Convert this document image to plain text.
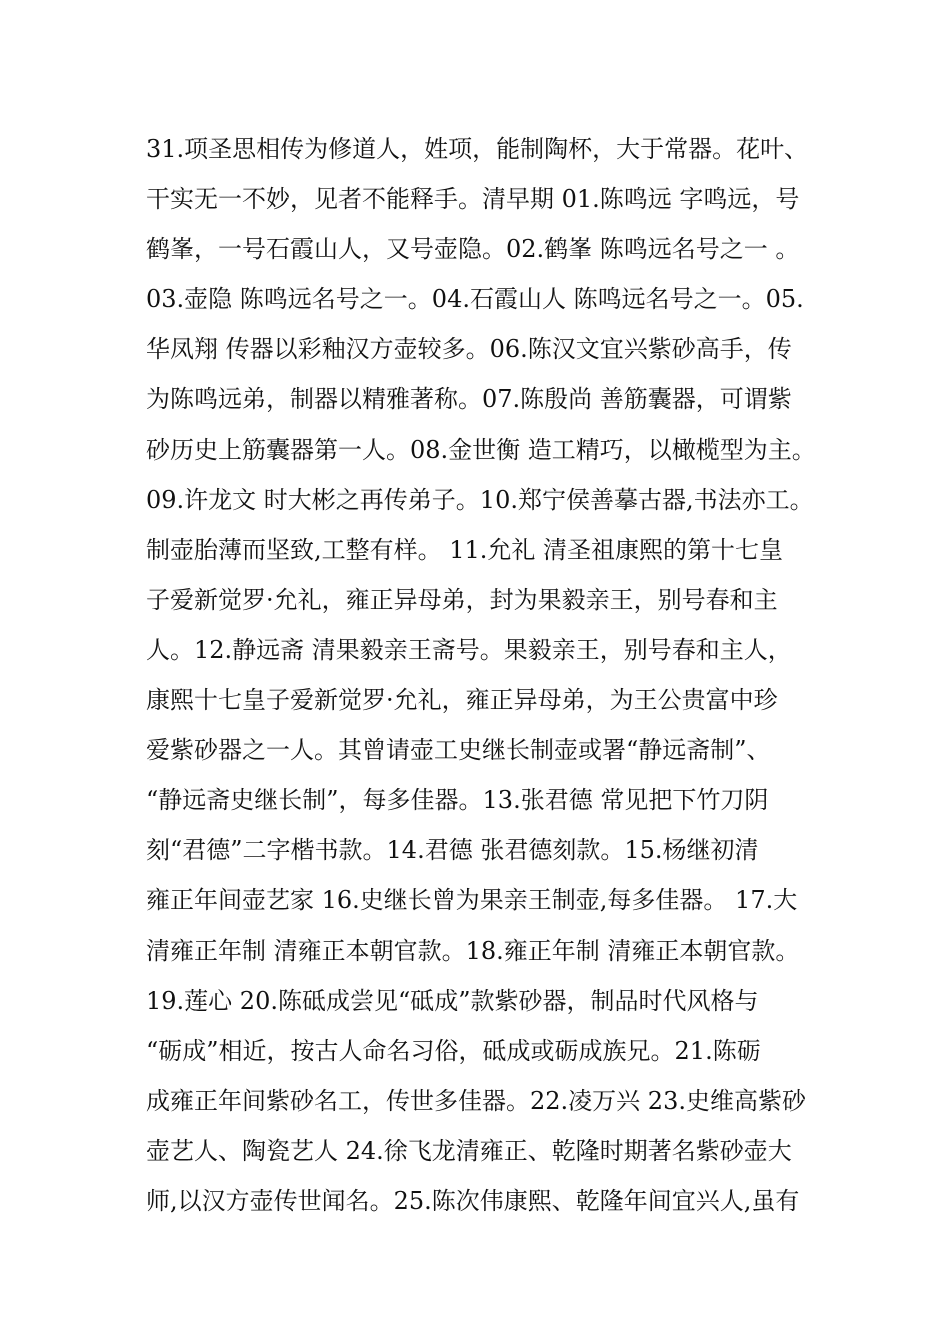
31.项圣思相传为修道人，姓项，能制陶杯，大于常器。花叶、
干实无一不妙，见者不能释手。清早期 01.陈鸣远 字鸣远，号
鹤峯，一号石霞山人，又号壶隐。02.鹤峯 陈鸣远名号之一 。
03.壶隐 陈鸣远名号之一。04.石霞山人 陈鸣远名号之一。05.
华凤翔 传器以彩釉汉方壶较多。06.陈汉文宜兴紫砂高手，传
为陈鸣远弟，制器以精雅著称。07.陈殷尚 善筋囊器，可谓紫
砂历史上筋囊器第一人。08.金世衡 造工精巧，以橄榄型为主。
09.许龙文 时大彬之再传弟子。10.郑宁侯善摹古器,书法亦工。
制壶胎薄而坚致,工整有样。 11.允礼 清圣祖康熙的第十七皇
子爱新觉罗·允礼，雍正异母弟，封为果毅亲王，别号春和主
人。12.静远斋 清果毅亲王斋号。果毅亲王，别号春和主人，
康熙十七皇子爱新觉罗·允礼，雍正异母弟，为王公贵富中珍
爱紫砂器之一人。其曾请壶工史继长制壶或署“静远斋制”、
“静远斋史继长制”，每多佳器。13.张君德 常见把下竹刀阴
刻“君德”二字楷书款。14.君德 张君德刻款。15.杨继初清
雍正年间壶艺家 16.史继长曾为果亲王制壶,每多佳器。 17.大
清雍正年制 清雍正本朝官款。18.雍正年制 清雍正本朝官款。
19.莲心 20.陈砥成尝见“砥成”款紫砂器，制品时代风格与
“砺成”相近，按古人命名习俗，砥成或砺成族兄。21.陈砺
成雍正年间紫砂名工，传世多佳器。22.凌万兴 23.史维高紫砂
壶艺人、陶瓷艺人 24.徐飞龙清雍正、乾隆时期著名紫砂壶大
师,以汉方壶传世闻名。25.陈次伟康熙、乾隆年间宜兴人,虽有
